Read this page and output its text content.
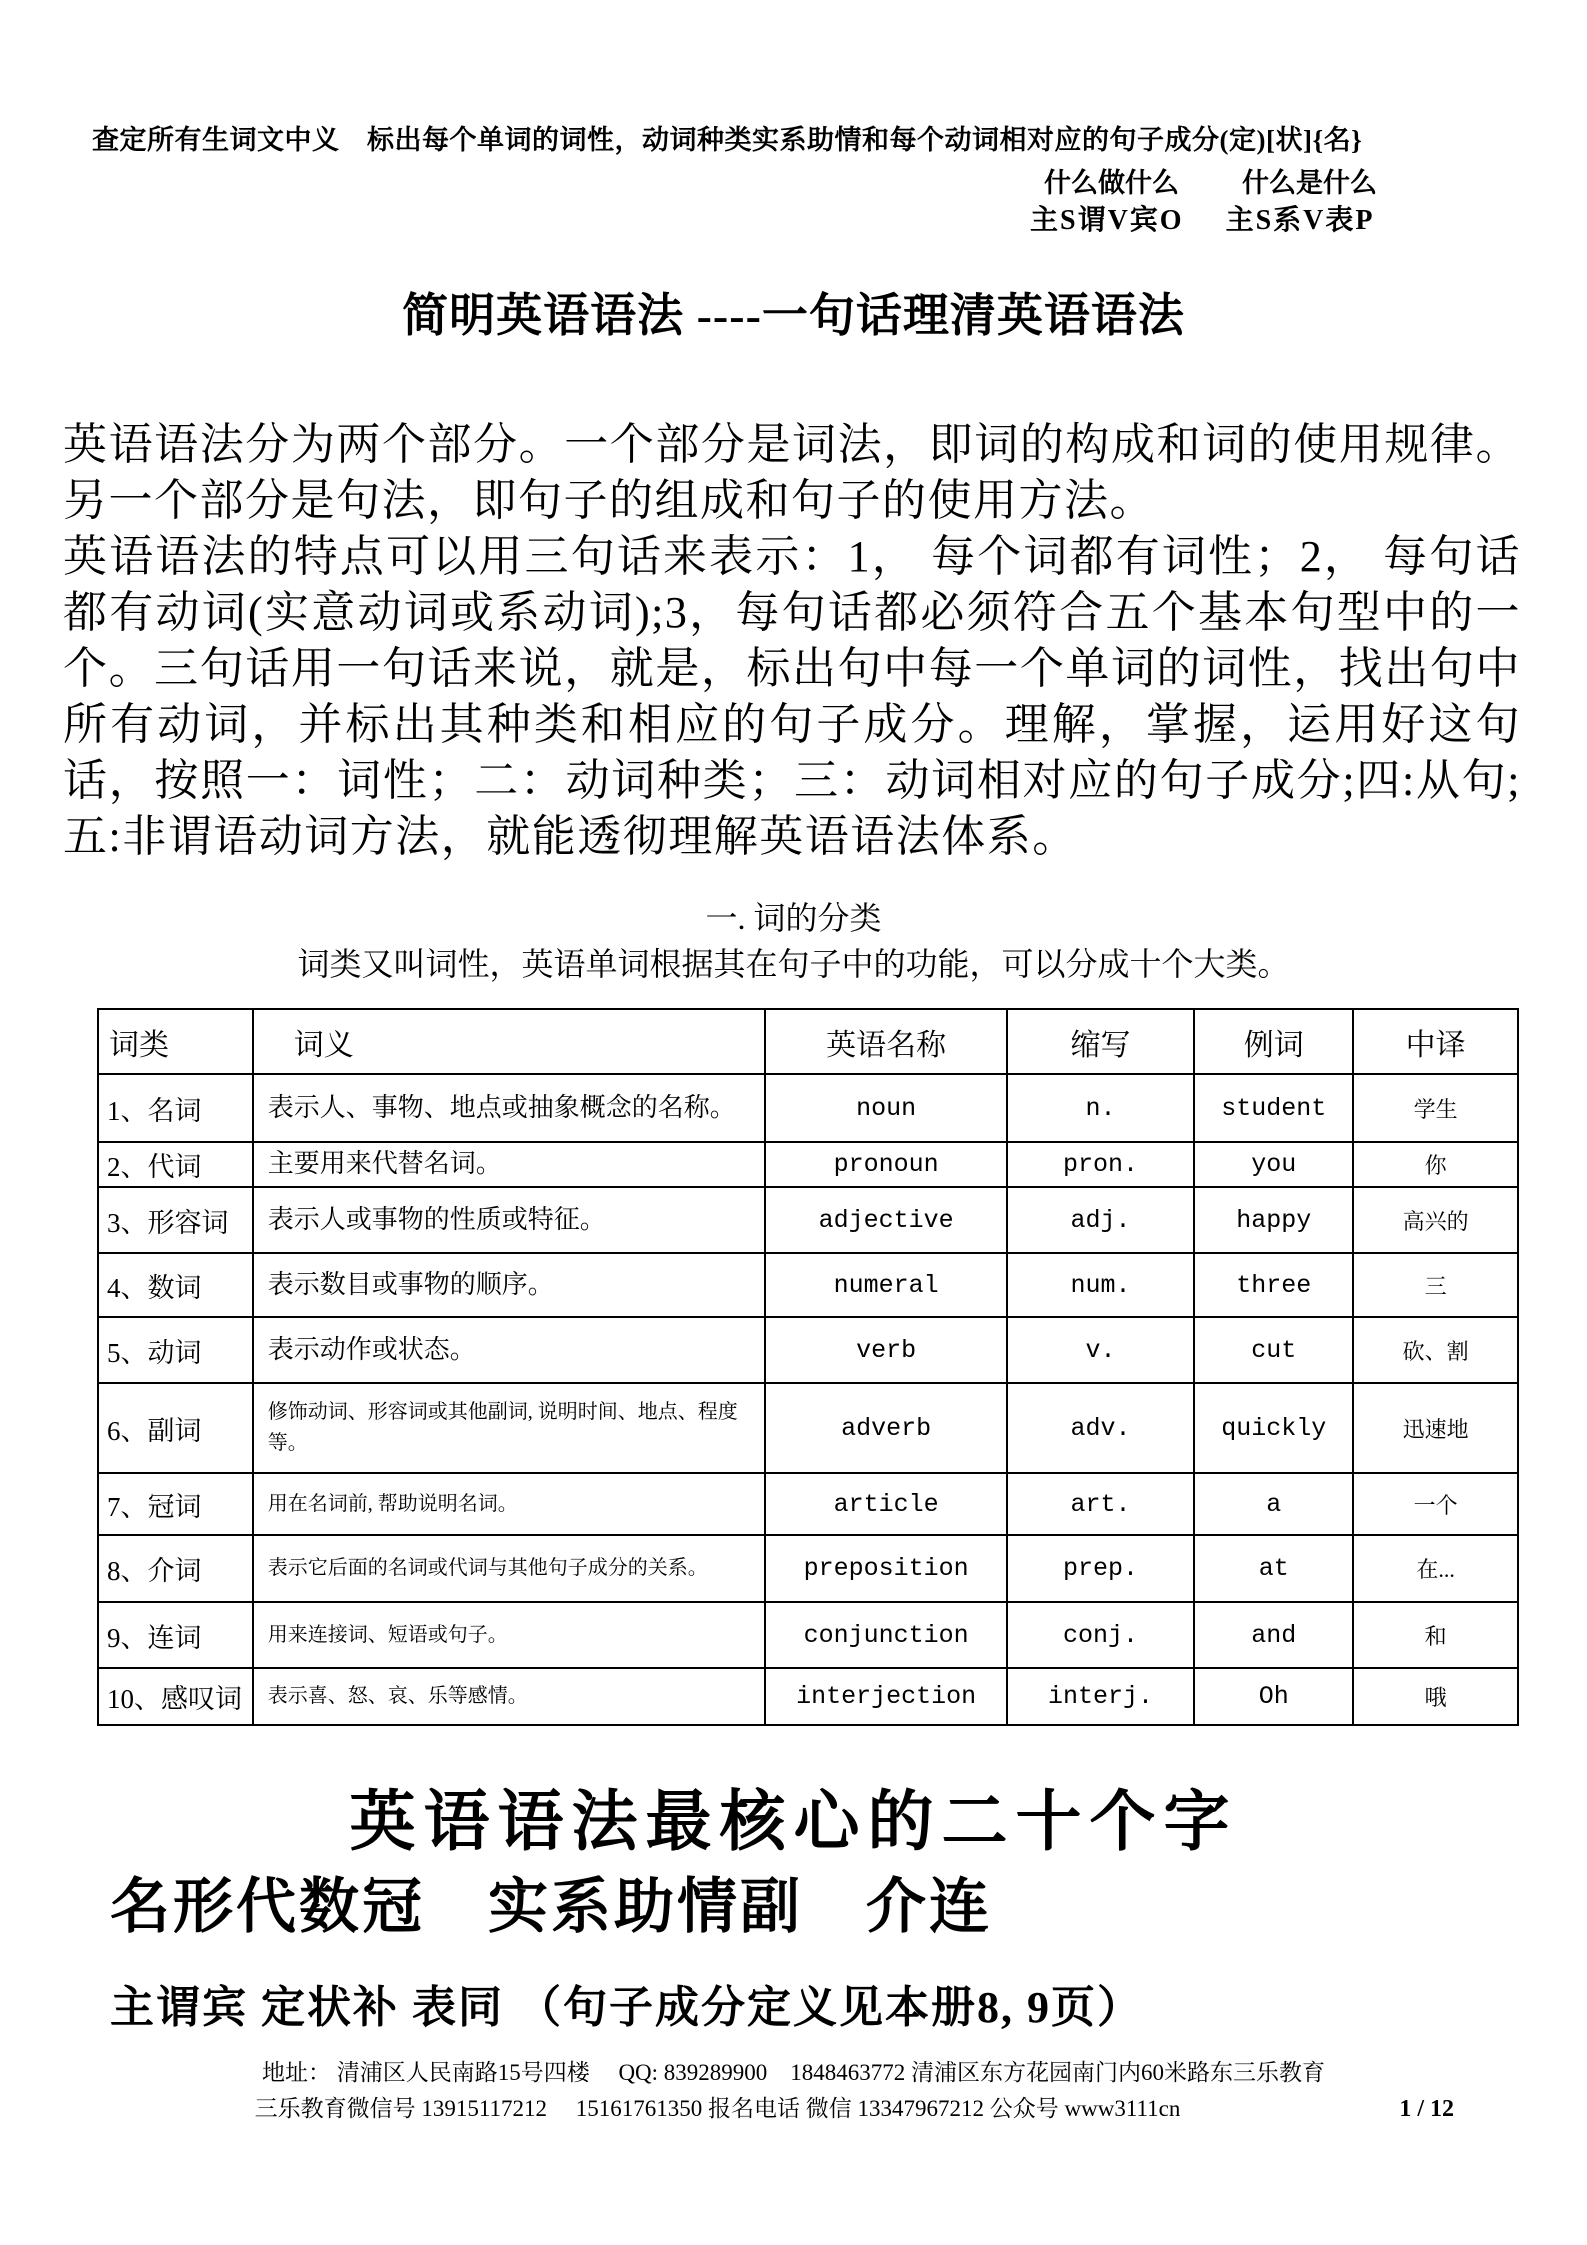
查定所有生词文中义　标出每个单词的词性，动词种类实系助情和每个动词相对应的句子成分(定)[状]{名}
什么做什么 什么是什么
主S谓V宾O 主S系V表P
简明英语语法 ----一句话理清英语语法

英语语法分为两个部分。一个部分是词法，即词的构成和词的使用规律。另一个部分是句法，即句子的组成和句子的使用方法。

英语语法的特点可以用三句话来表示：1， 每个词都有词性；2， 每句话都有动词(实意动词或系动词);3，每句话都必须符合五个基本句型中的一个。三句话用一句话来说，就是，标出句中每一个单词的词性，找出句中所有动词，并标出其种类和相应的句子成分。理解，掌握，运用好这句话，按照一：词性；二：动词种类；三：动词相对应的句子成分;四:从句;五:非谓语动词方法，就能透彻理解英语语法体系。

一. 词的分类
词类又叫词性，英语单词根据其在句子中的功能，可以分成十个大类。
词类	词义	英语名称	缩写	例词	中译
1、名词	表示人、事物、地点或抽象概念的名称。	noun	n.	student	学生
2、代词	主要用来代替名词。	pronoun	pron.	you	你
3、形容词	表示人或事物的性质或特征。	adjective	adj.	happy	高兴的
4、数词	表示数目或事物的顺序。	numeral	num.	three	三
5、动词	表示动作或状态。	verb	v.	cut	砍、割
6、副词	修饰动词、形容词或其他副词, 说明时间、地点、程度等。	adverb	adv.	quickly	迅速地
7、冠词	用在名词前, 帮助说明名词。	article	art.	a	一个
8、介词	表示它后面的名词或代词与其他句子成分的关系。	preposition	prep.	at	在...
9、连词	用来连接词、短语或句子。	conjunction	conj.	and	和
10、感叹词	表示喜、怒、哀、乐等感情。	interjection	interj.	Oh	哦
英语语法最核心的二十个字
名形代数冠　实系助情副　介连
主谓宾 定状补 表同 （句子成分定义见本册8, 9页）
地址： 清浦区人民南路15号四楼　 QQ: 839289900　1848463772 清浦区东方花园南门内60米路东三乐教育
三乐教育微信号 13915117212　 15161761350 报名电话 微信 13347967212 公众号 www3111cn	1 / 12
